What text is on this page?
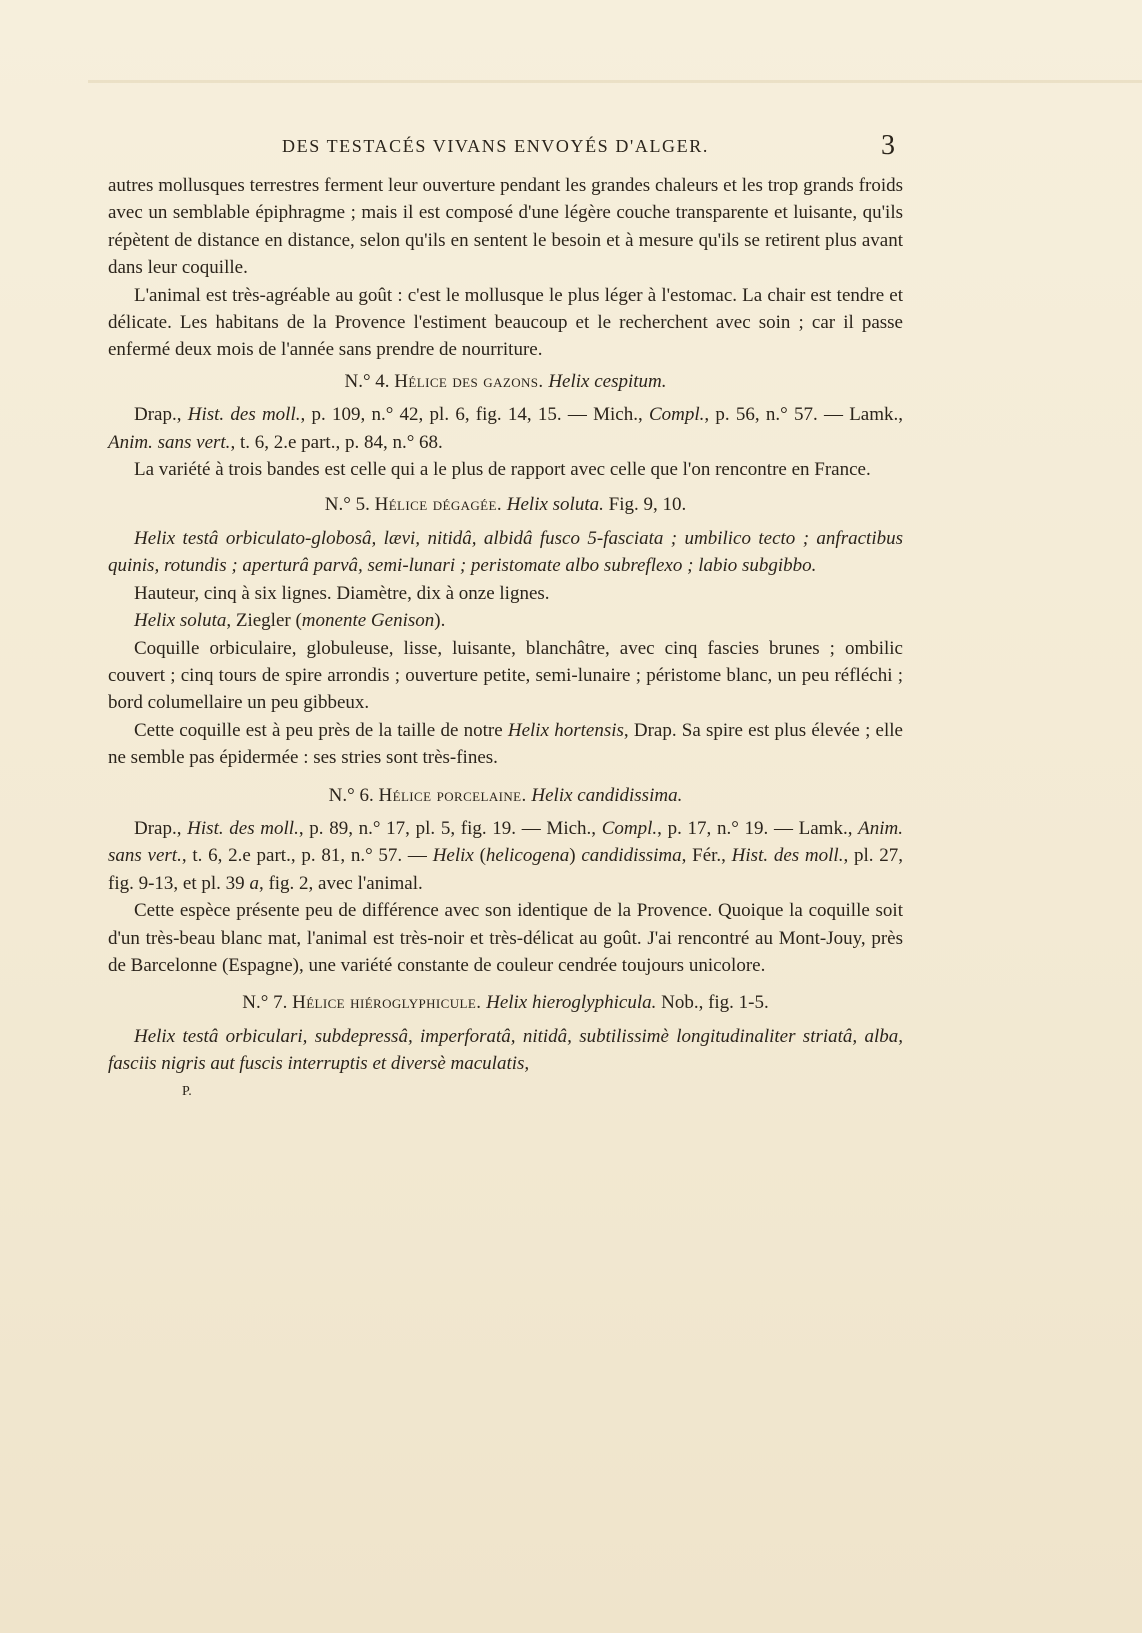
DES TESTACÉS VIVANS ENVOYÉS D'ALGER.	3

autres mollusques terrestres ferment leur ouverture pendant les grandes chaleurs et les trop grands froids avec un semblable épiphragme ; mais il est composé d'une légère couche transparente et luisante, qu'ils répètent de distance en distance, selon qu'ils en sentent le besoin et à mesure qu'ils se retirent plus avant dans leur coquille.

L'animal est très-agréable au goût : c'est le mollusque le plus léger à l'estomac. La chair est tendre et délicate. Les habitans de la Provence l'estiment beaucoup et le recherchent avec soin ; car il passe enfermé deux mois de l'année sans prendre de nourriture.

N.° 4. Hélice des gazons. Helix cespitum.

Drap., Hist. des moll., p. 109, n.° 42, pl. 6, fig. 14, 15. — Mich., Compl., p. 56, n.° 57. — Lamk., Anim. sans vert., t. 6, 2.e part., p. 84, n.° 68.

La variété à trois bandes est celle qui a le plus de rapport avec celle que l'on rencontre en France.

N.° 5. Hélice dégagée. Helix soluta. Fig. 9, 10.

Helix testâ orbiculato-globosâ, lævi, nitidâ, albidâ fusco 5-fasciata ; umbilico tecto ; anfractibus quinis, rotundis ; aperturâ parvâ, semi-lunari ; peristomate albo subreflexo ; labio subgibbo.

Hauteur, cinq à six lignes. Diamètre, dix à onze lignes.

Helix soluta, Ziegler (monente Genison).

Coquille orbiculaire, globuleuse, lisse, luisante, blanchâtre, avec cinq fascies brunes ; ombilic couvert ; cinq tours de spire arrondis ; ouverture petite, semi-lunaire ; péristome blanc, un peu réfléchi ; bord columellaire un peu gibbeux.

Cette coquille est à peu près de la taille de notre Helix hortensis, Drap. Sa spire est plus élevée ; elle ne semble pas épidermée : ses stries sont très-fines.

N.° 6. Hélice porcelaine. Helix candidissima.

Drap., Hist. des moll., p. 89, n.° 17, pl. 5, fig. 19. — Mich., Compl., p. 17, n.° 19. — Lamk., Anim. sans vert., t. 6, 2.e part., p. 81, n.° 57. — Helix (helicogena) candidissima, Fér., Hist. des moll., pl. 27, fig. 9-13, et pl. 39 a, fig. 2, avec l'animal.

Cette espèce présente peu de différence avec son identique de la Provence. Quoique la coquille soit d'un très-beau blanc mat, l'animal est très-noir et très-délicat au goût. J'ai rencontré au Mont-Jouy, près de Barcelonne (Espagne), une variété constante de couleur cendrée toujours unicolore.

N.° 7. Hélice hiéroglyphicule. Helix hieroglyphicula. Nob., fig. 1-5.

Helix testâ orbiculari, subdepressâ, imperforatâ, nitidâ, subtilissimè longitudinaliter striatâ, alba, fasciis nigris aut fuscis interruptis et diversè maculatis,

P.
